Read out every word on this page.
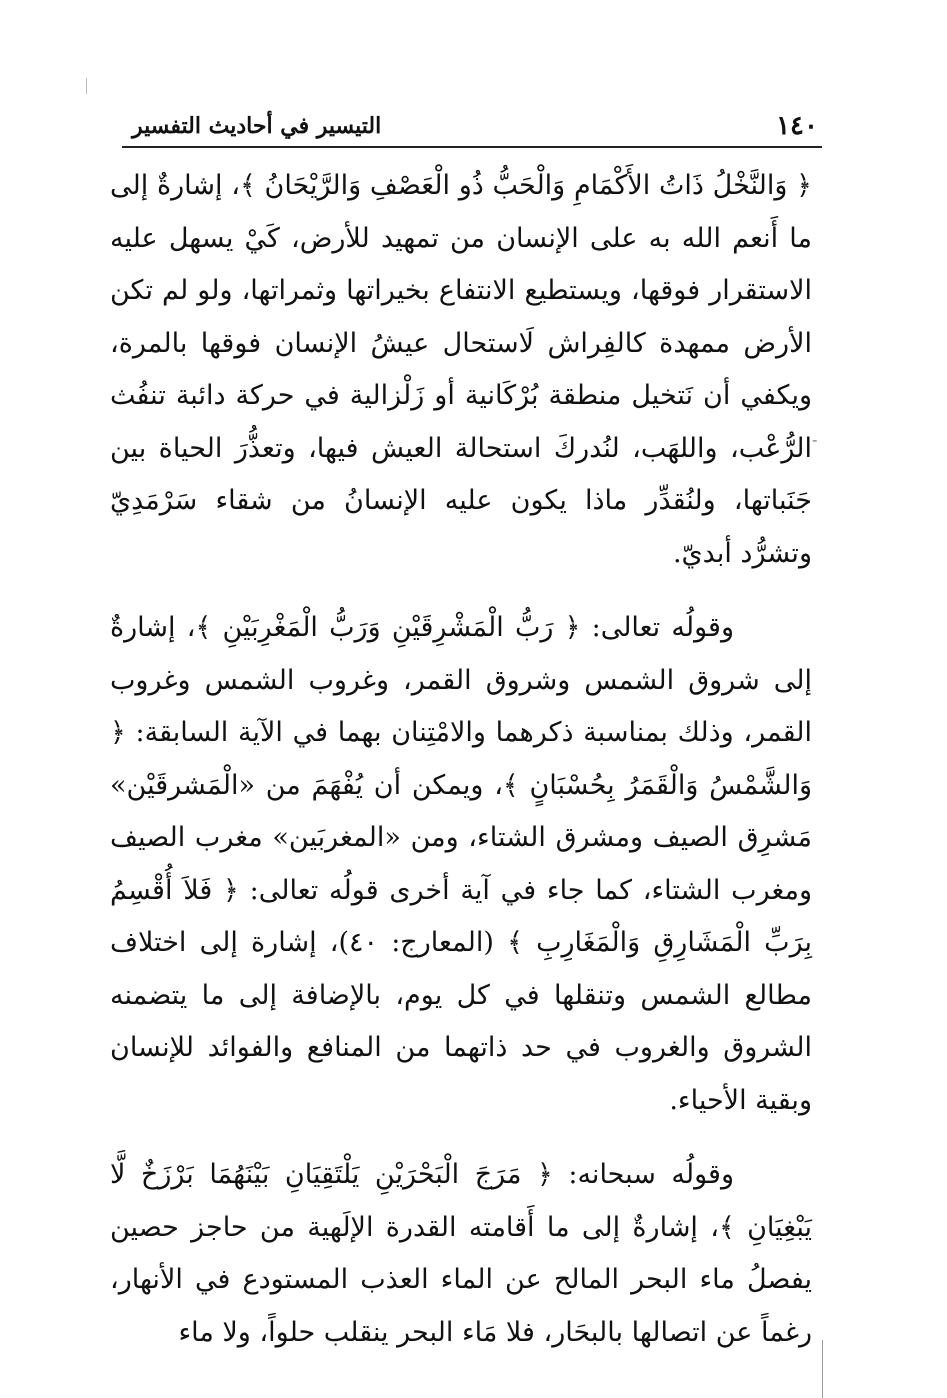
١٤٠
التيسير في أحاديث التفسير
-

﴿ وَالنَّخْلُ ذَاتُ الأَكْمَامِ وَالْحَبُّ ذُو الْعَصْفِ وَالرَّيْحَانُ ﴾، إشارةٌ إلى ما أَنعم الله به على الإنسان من تمهيد للأرض، كَيْ يسهل عليه الاستقرار فوقها، ويستطيع الانتفاع بخيراتها وثمراتها، ولو لم تكن الأرض ممهدة كالفِراش لَاستحال عيشُ الإنسان فوقها بالمرة، ويكفي أن نَتخيل منطقة بُرْكَانية أو زَلْزالية في حركة دائبة تنفُث الرُّعْب، واللهَب، لنُدركَ استحالة العيش فيها، وتعذُّرَ الحياة بين جَنَباتها، ولنُقدِّر ماذا يكون عليه الإنسانُ من شقاء سَرْمَدِيّ وتشرُّد أبديّ.

وقولُه تعالى: ﴿ رَبُّ الْمَشْرِقَيْنِ وَرَبُّ الْمَغْرِبَيْنِ ﴾، إشارةٌ إلى شروق الشمس وشروق القمر، وغروب الشمس وغروب القمر، وذلك بمناسبة ذكرهما والامْتِنان بهما في الآية السابقة: ﴿ وَالشَّمْسُ وَالْقَمَرُ بِحُسْبَانٍ ﴾، ويمكن أن يُفْهَمَ من «الْمَشرقَيْن» مَشرِق الصيف ومشرق الشتاء، ومن «المغربَين» مغرب الصيف ومغرب الشتاء، كما جاء في آية أخرى قولُه تعالى: ﴿ فَلاَ أُقْسِمُ بِرَبِّ الْمَشَارِقِ وَالْمَغَارِبِ ﴾ (المعارج: ٤٠)، إشارة إلى اختلاف مطالع الشمس وتنقلها في كل يوم، بالإضافة إلى ما يتضمنه الشروق والغروب في حد ذاتهما من المنافع والفوائد للإنسان وبقية الأحياء.

وقولُه سبحانه: ﴿ مَرَجَ الْبَحْرَيْنِ يَلْتَقِيَانِ بَيْنَهُمَا بَرْزَخٌ لَّا يَبْغِيَانِ ﴾، إشارةٌ إلى ما أَقامته القدرة الإلَهية من حاجز حصين يفصلُ ماء البحر المالح عن الماء العذب المستودع في الأنهار، رغماً عن اتصالها بالبحَار، فلا مَاء البحر ينقلب حلواً، ولا ماء
